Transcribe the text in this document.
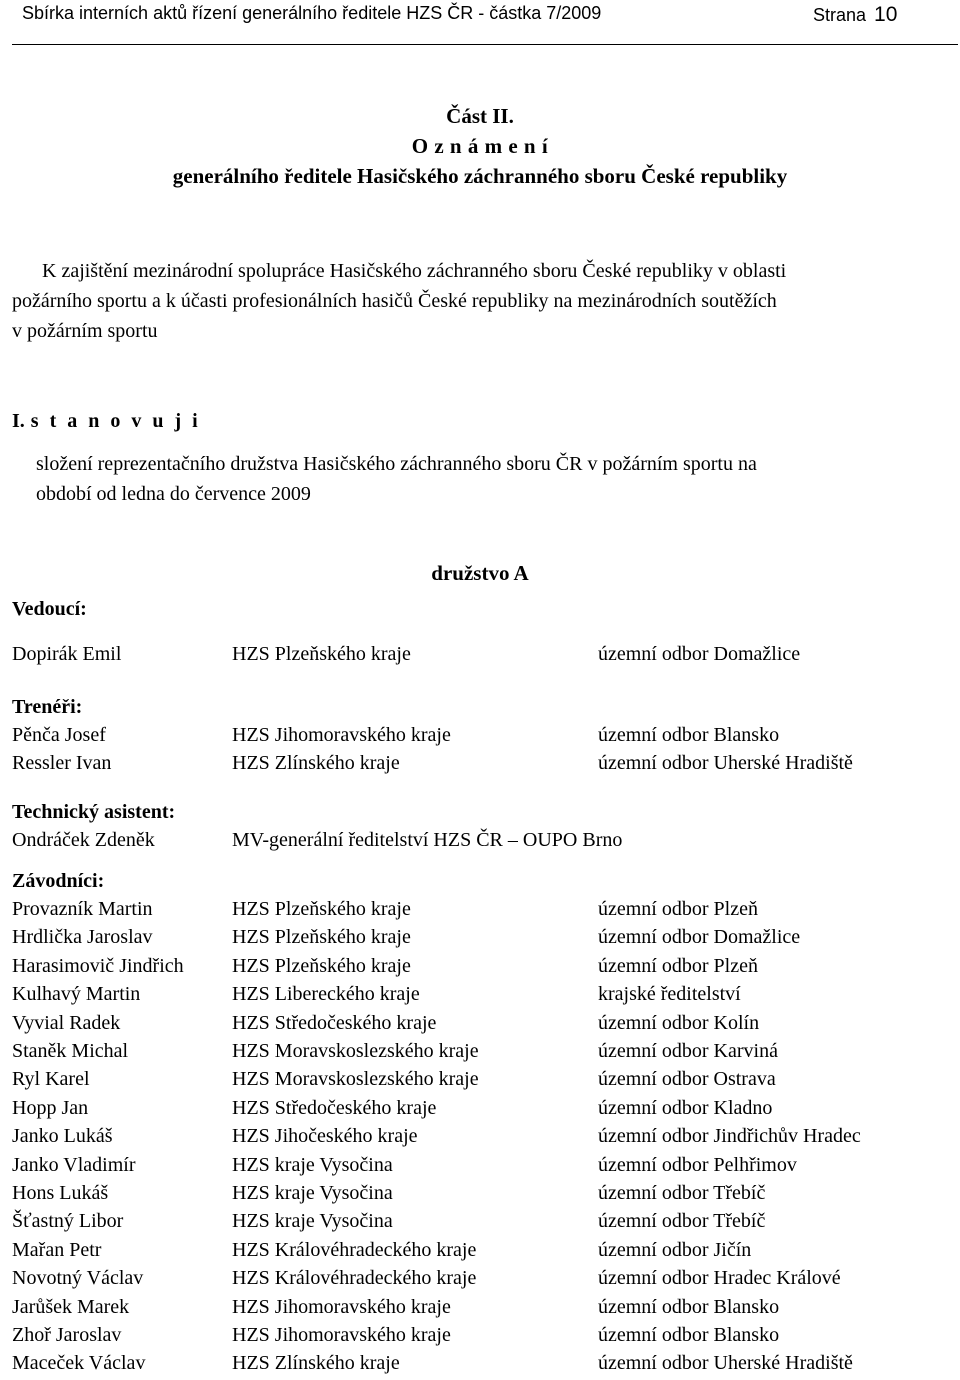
Sbírka interních aktů řízení generálního ředitele HZS ČR - částka 7/2009	Strana 10
Část II.
O z n á m e n í
generálního ředitele Hasičského záchranného sboru České republiky
K zajištění mezinárodní spolupráce Hasičského záchranného sboru České republiky v oblasti
požárního sportu a k účasti profesionálních hasičů České republiky na mezinárodních soutěžích
v požárním sportu
I. s t a n o v u j i
složení reprezentačního družstva Hasičského záchranného sboru ČR v požárním sportu na
období od ledna do července 2009
družstvo A
Vedoucí:
Dopirák Emil	HZS Plzeňského kraje	územní odbor Domažlice
Trenéři:
Pěnča Josef	HZS Jihomoravského kraje	územní odbor Blansko
Ressler Ivan	HZS Zlínského kraje	územní odbor Uherské Hradiště
Technický asistent:
Ondráček Zdeněk	MV-generální ředitelství HZS ČR – OUPO Brno
Závodníci:
Provazník Martin	HZS Plzeňského kraje	územní odbor Plzeň
Hrdlička Jaroslav	HZS Plzeňského kraje	územní odbor Domažlice
Harasimovič Jindřich HZS Plzeňského kraje	územní odbor Plzeň
Kulhavý Martin	HZS Libereckého kraje	krajské ředitelství
Vyvial Radek	HZS Středočeského kraje	územní odbor Kolín
Staněk Michal	HZS Moravskoslezského kraje	územní odbor Karviná
Ryl Karel	HZS Moravskoslezského kraje	územní odbor Ostrava
Hopp Jan	HZS Středočeského kraje	územní odbor Kladno
Janko Lukáš	HZS Jihočeského kraje	územní odbor Jindřichův Hradec
Janko Vladimír	HZS kraje Vysočina	územní odbor Pelhřimov
Hons Lukáš	HZS kraje Vysočina	územní odbor Třebíč
Šťastný Libor	HZS kraje Vysočina	územní odbor Třebíč
Mařan Petr	HZS Královéhradeckého kraje	územní odbor Jičín
Novotný Václav	HZS Královéhradeckého kraje	územní odbor Hradec Králové
Jarůšek Marek	HZS Jihomoravského kraje	územní odbor Blansko
Zhoř Jaroslav	HZS Jihomoravského kraje	územní odbor Blansko
Maceček Václav	HZS Zlínského kraje	územní odbor Uherské Hradiště
